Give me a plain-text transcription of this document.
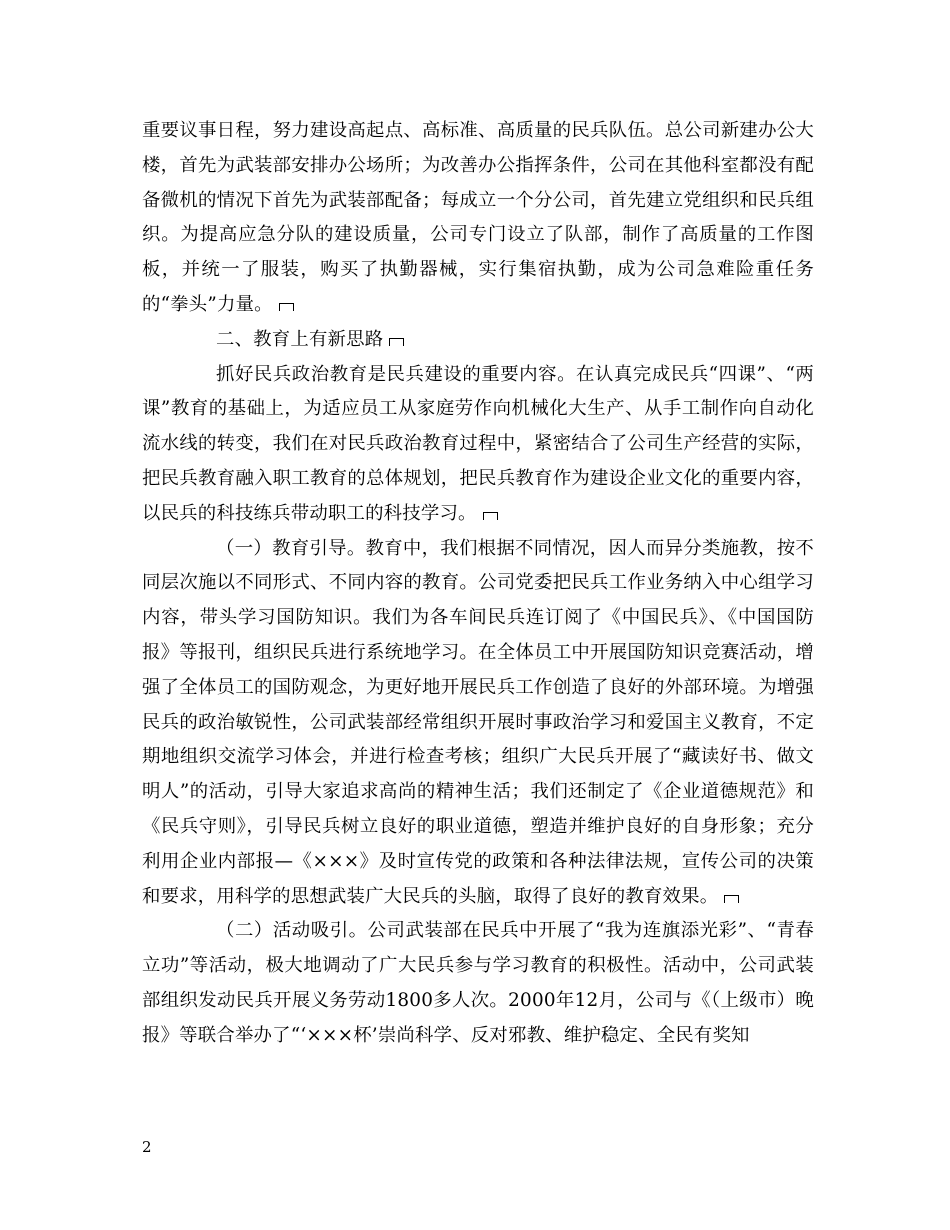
重要议事日程，努力建设高起点、高标准、高质量的民兵队伍。总公司新建办公大楼，首先为武装部安排办公场所；为改善办公指挥条件，公司在其他科室都没有配备微机的情况下首先为武装部配备；每成立一个分公司，首先建立党组织和民兵组织。为提高应急分队的建设质量，公司专门设立了队部，制作了高质量的工作图板，并统一了服装，购买了执勤器械，实行集宿执勤，成为公司急难险重任务的“拳头”力量。

二、教育上有新思路

抓好民兵政治教育是民兵建设的重要内容。在认真完成民兵“四课”、“两课”教育的基础上，为适应员工从家庭劳作向机械化大生产、从手工制作向自动化流水线的转变，我们在对民兵政治教育过程中，紧密结合了公司生产经营的实际，把民兵教育融入职工教育的总体规划，把民兵教育作为建设企业文化的重要内容，以民兵的科技练兵带动职工的科技学习。

（一）教育引导。教育中，我们根据不同情况，因人而异分类施教，按不同层次施以不同形式、不同内容的教育。公司党委把民兵工作业务纳入中心组学习内容，带头学习国防知识。我们为各车间民兵连订阅了《中国民兵》、《中国国防报》等报刊，组织民兵进行系统地学习。在全体员工中开展国防知识竞赛活动，增强了全体员工的国防观念，为更好地开展民兵工作创造了良好的外部环境。为增强民兵的政治敏锐性，公司武装部经常组织开展时事政治学习和爱国主义教育，不定期地组织交流学习体会，并进行检查考核；组织广大民兵开展了“藏读好书、做文明人”的活动，引导大家追求高尚的精神生活；我们还制定了《企业道德规范》和《民兵守则》，引导民兵树立良好的职业道德，塑造并维护良好的自身形象；充分利用企业内部报—《×××》及时宣传党的政策和各种法律法规，宣传公司的决策和要求，用科学的思想武装广大民兵的头脑，取得了良好的教育效果。

（二）活动吸引。公司武装部在民兵中开展了“我为连旗添光彩”、“青春立功”等活动，极大地调动了广大民兵参与学习教育的积极性。活动中，公司武装部组织发动民兵开展义务劳动1800多人次。2000年12月，公司与《（上级市）晚报》等联合举办了“‘×××杯’崇尚科学、反对邪教、维护稳定、全民有奖知

2
